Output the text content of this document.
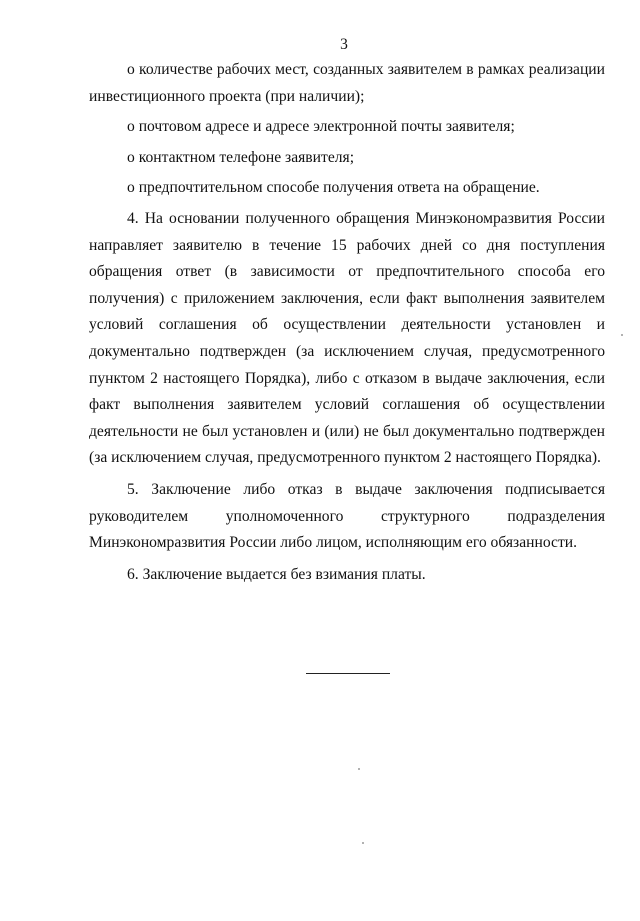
3

о количестве рабочих мест, созданных заявителем в рамках реализации инвестиционного проекта (при наличии);

о почтовом адресе и адресе электронной почты заявителя;

о контактном телефоне заявителя;

о предпочтительном способе получения ответа на обращение.

4. На основании полученного обращения Минэкономразвития России направляет заявителю в течение 15 рабочих дней со дня поступления обращения ответ (в зависимости от предпочтительного способа его получения) с приложением заключения, если факт выполнения заявителем условий соглашения об осуществлении деятельности установлен и документально подтвержден (за исключением случая, предусмотренного пунктом 2 настоящего Порядка), либо с отказом в выдаче заключения, если факт выполнения заявителем условий соглашения об осуществлении деятельности не был установлен и (или) не был документально подтвержден (за исключением случая, предусмотренного пунктом 2 настоящего Порядка).

5. Заключение либо отказ в выдаче заключения подписывается руководителем уполномоченного структурного подразделения Минэкономразвития России либо лицом, исполняющим его обязанности.

6. Заключение выдается без взимания платы.
